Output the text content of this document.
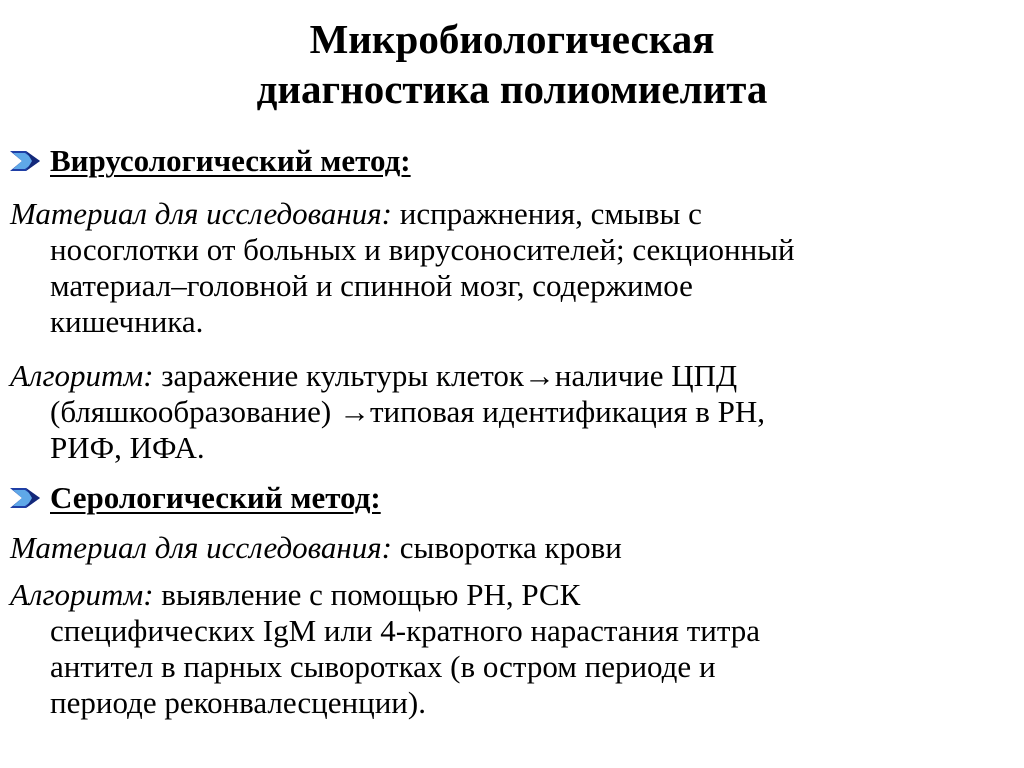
Микробиологическая
диагностика полиомиелита
Вирусологический метод:

Материал для исследования: испражнения, смывы с
носоглотки от больных и вирусоносителей; секционный
материал–головной и спинной мозг, содержимое
кишечника.

Алгоритм: заражение культуры клеток→наличие ЦПД
(бляшкообразование) →типовая идентификация в РН,
РИФ, ИФА.

Серологический метод:

Материал для исследования: сыворотка крови

Алгоритм: выявление с помощью РН, РСК
специфических IgM или 4-кратного нарастания титра
антител в парных сыворотках (в остром периоде и
периоде реконвалесценции).
